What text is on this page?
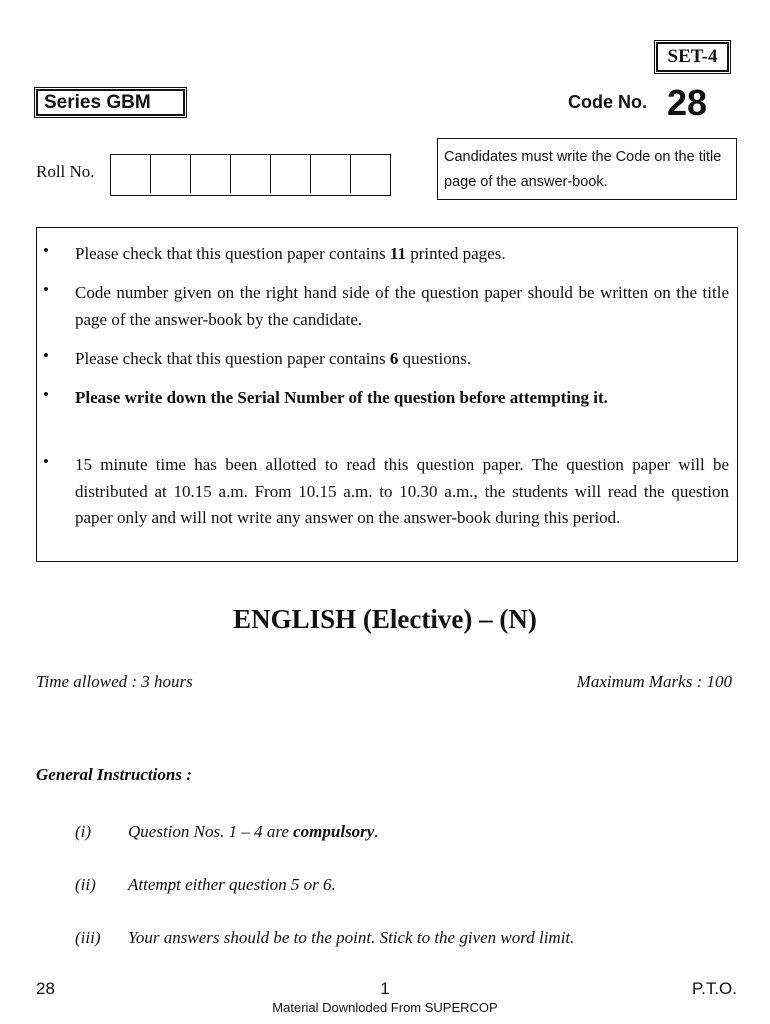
SET-4
Series GBM	Code No. 28
Roll No.
Candidates must write the Code on the title page of the answer-book.
• Please check that this question paper contains 11 printed pages.
• Code number given on the right hand side of the question paper should be written on the title page of the answer-book by the candidate.
• Please check that this question paper contains 6 questions.
• Please write down the Serial Number of the question before attempting it.
• 15 minute time has been allotted to read this question paper. The question paper will be distributed at 10.15 a.m. From 10.15 a.m. to 10.30 a.m., the students will read the question paper only and will not write any answer on the answer-book during this period.
ENGLISH (Elective) – (N)
Time allowed : 3 hours	Maximum Marks : 100
General Instructions :
(i) Question Nos. 1 – 4 are compulsory.
(ii) Attempt either question 5 or 6.
(iii) Your answers should be to the point. Stick to the given word limit.
28	1	P.T.O.
Material Downloded From SUPERCOP
